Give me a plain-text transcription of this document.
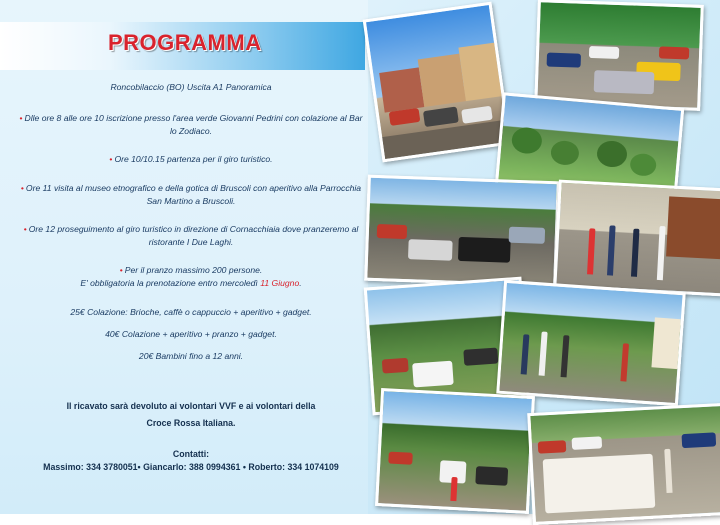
PROGRAMMA
Roncobilaccio (BO) Uscita A1 Panoramica
• Dlle ore 8 alle ore 10 iscrizione presso l'area verde Giovanni Pedrini con colazione al Bar lo Zodiaco.
• Ore 10/10.15 partenza per il giro turistico.
• Ore 11 visita al museo etnografico e della gotica di Bruscoli con aperitivo alla Parrocchia San Martino a Bruscoli.
• Ore 12 proseguimento al giro turistico in direzione di Cornacchiaia dove pranzeremo al ristorante I Due Laghi.
• Per il pranzo massimo 200 persone.
E' obbligatoria la prenotazione entro mercoledì 11 Giugno.
25€ Colazione: Brioche, caffè o cappuccio + aperitivo + gadget.
40€ Colazione + aperitivo + pranzo + gadget.
20€ Bambini fino a 12 anni.
Il ricavato sarà devoluto ai volontari VVF e ai volontari della
Croce Rossa Italiana.
Contatti:
Massimo: 334 3780051• Giancarlo: 388 0994361 • Roberto: 334 1074109
